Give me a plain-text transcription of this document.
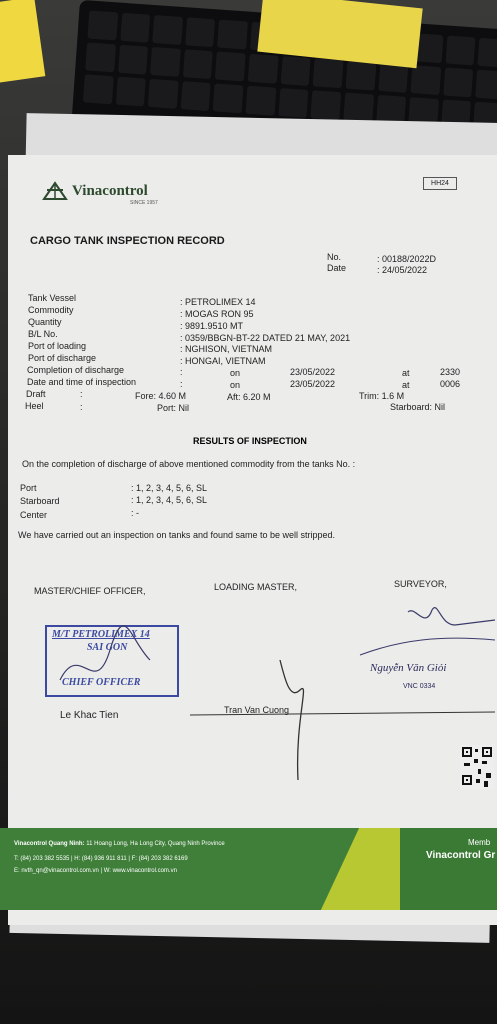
Vinacontrol
SINCE 1957
HH24
CARGO TANK INSPECTION RECORD
No.	: 00188/2022D
Date	: 24/05/2022
Tank Vessel	: PETROLIMEX 14
Commodity	: MOGAS RON 95
Quantity	: 9891.9510 MT
B/L No.	: 0359/BBGN-BT-22 DATED 21 MAY, 2021
Port of loading	: NGHISON, VIETNAM
Port of discharge	: HONGAI, VIETNAM
Completion of discharge	:	on	23/05/2022	at	2330
Date and time of inspection	:	on	23/05/2022	at	0006
Draft	:	Fore: 4.60 M	Aft: 6.20 M	Trim: 1.6 M
Heel	:	Port: Nil	Starboard: Nil
RESULTS OF INSPECTION
On the completion of discharge of above mentioned commodity from the tanks No. :
Port	: 1, 2, 3, 4, 5, 6, SL
Starboard	: 1, 2, 3, 4, 5, 6, SL
Center	: -
We have carried out an inspection on tanks and found same to be well stripped.
MASTER/CHIEF OFFICER,	LOADING MASTER,	SURVEYOR,
M/T PETROLIMEX 14
SAI GON
CHIEF OFFICER
Nguyễn Văn Giỏi
VNC 0334
Le Khac Tien	Tran Van Cuong
Vinacontrol Quang Ninh: 11 Hoang Long, Ha Long City, Quang Ninh Province
T: (84) 203 382 5535 | H: (84) 936 911 811 | F: (84) 203 382 6169
E: nvth_qn@vinacontrol.com.vn | W: www.vinacontrol.com.vn
Memb
Vinacontrol Gr
